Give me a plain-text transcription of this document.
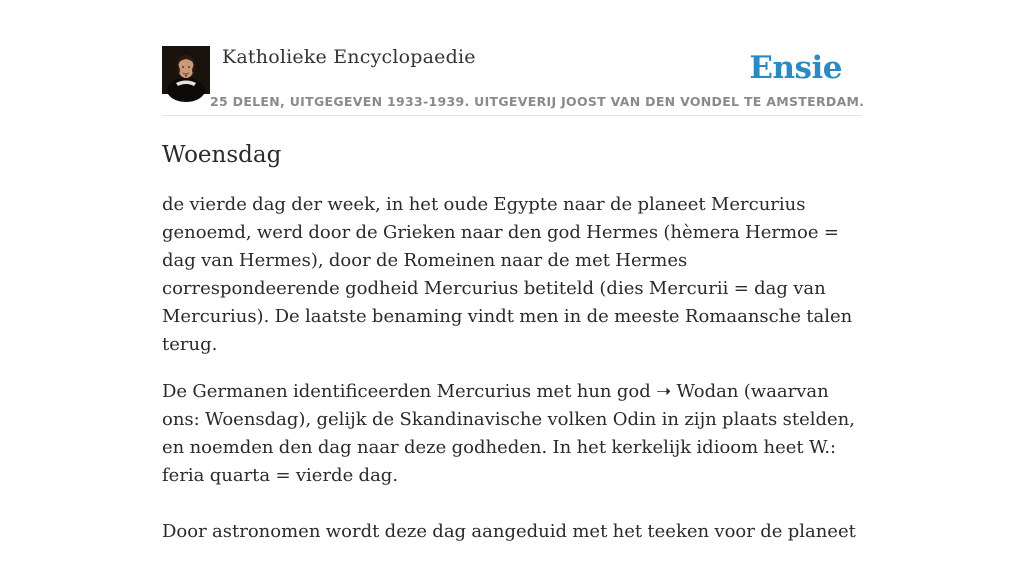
Katholieke Encyclopaedie
25 DELEN, UITGEGEVEN 1933-1939. UITGEVERIJ JOOST VAN DEN VONDEL TE AMSTERDAM.
Ensie
Woensdag

de vierde dag der week, in het oude Egypte naar de planeet Mercurius genoemd, werd door de Grieken naar den god Hermes (hèmera Hermoe = dag van Hermes), door de Romeinen naar de met Hermes correspondeerende godheid Mercurius betiteld (dies Mercurii = dag van Mercurius). De laatste benaming vindt men in de meeste Romaansche talen terug.

De Germanen identificeerden Mercurius met hun god ➝ Wodan (waarvan ons: Woensdag), gelijk de Skandinavische volken Odin in zijn plaats stelden, en noemden den dag naar deze godheden. In het kerkelijk idioom heet W.: feria quarta = vierde dag.

Door astronomen wordt deze dag aangeduid met het teeken voor de planeet
